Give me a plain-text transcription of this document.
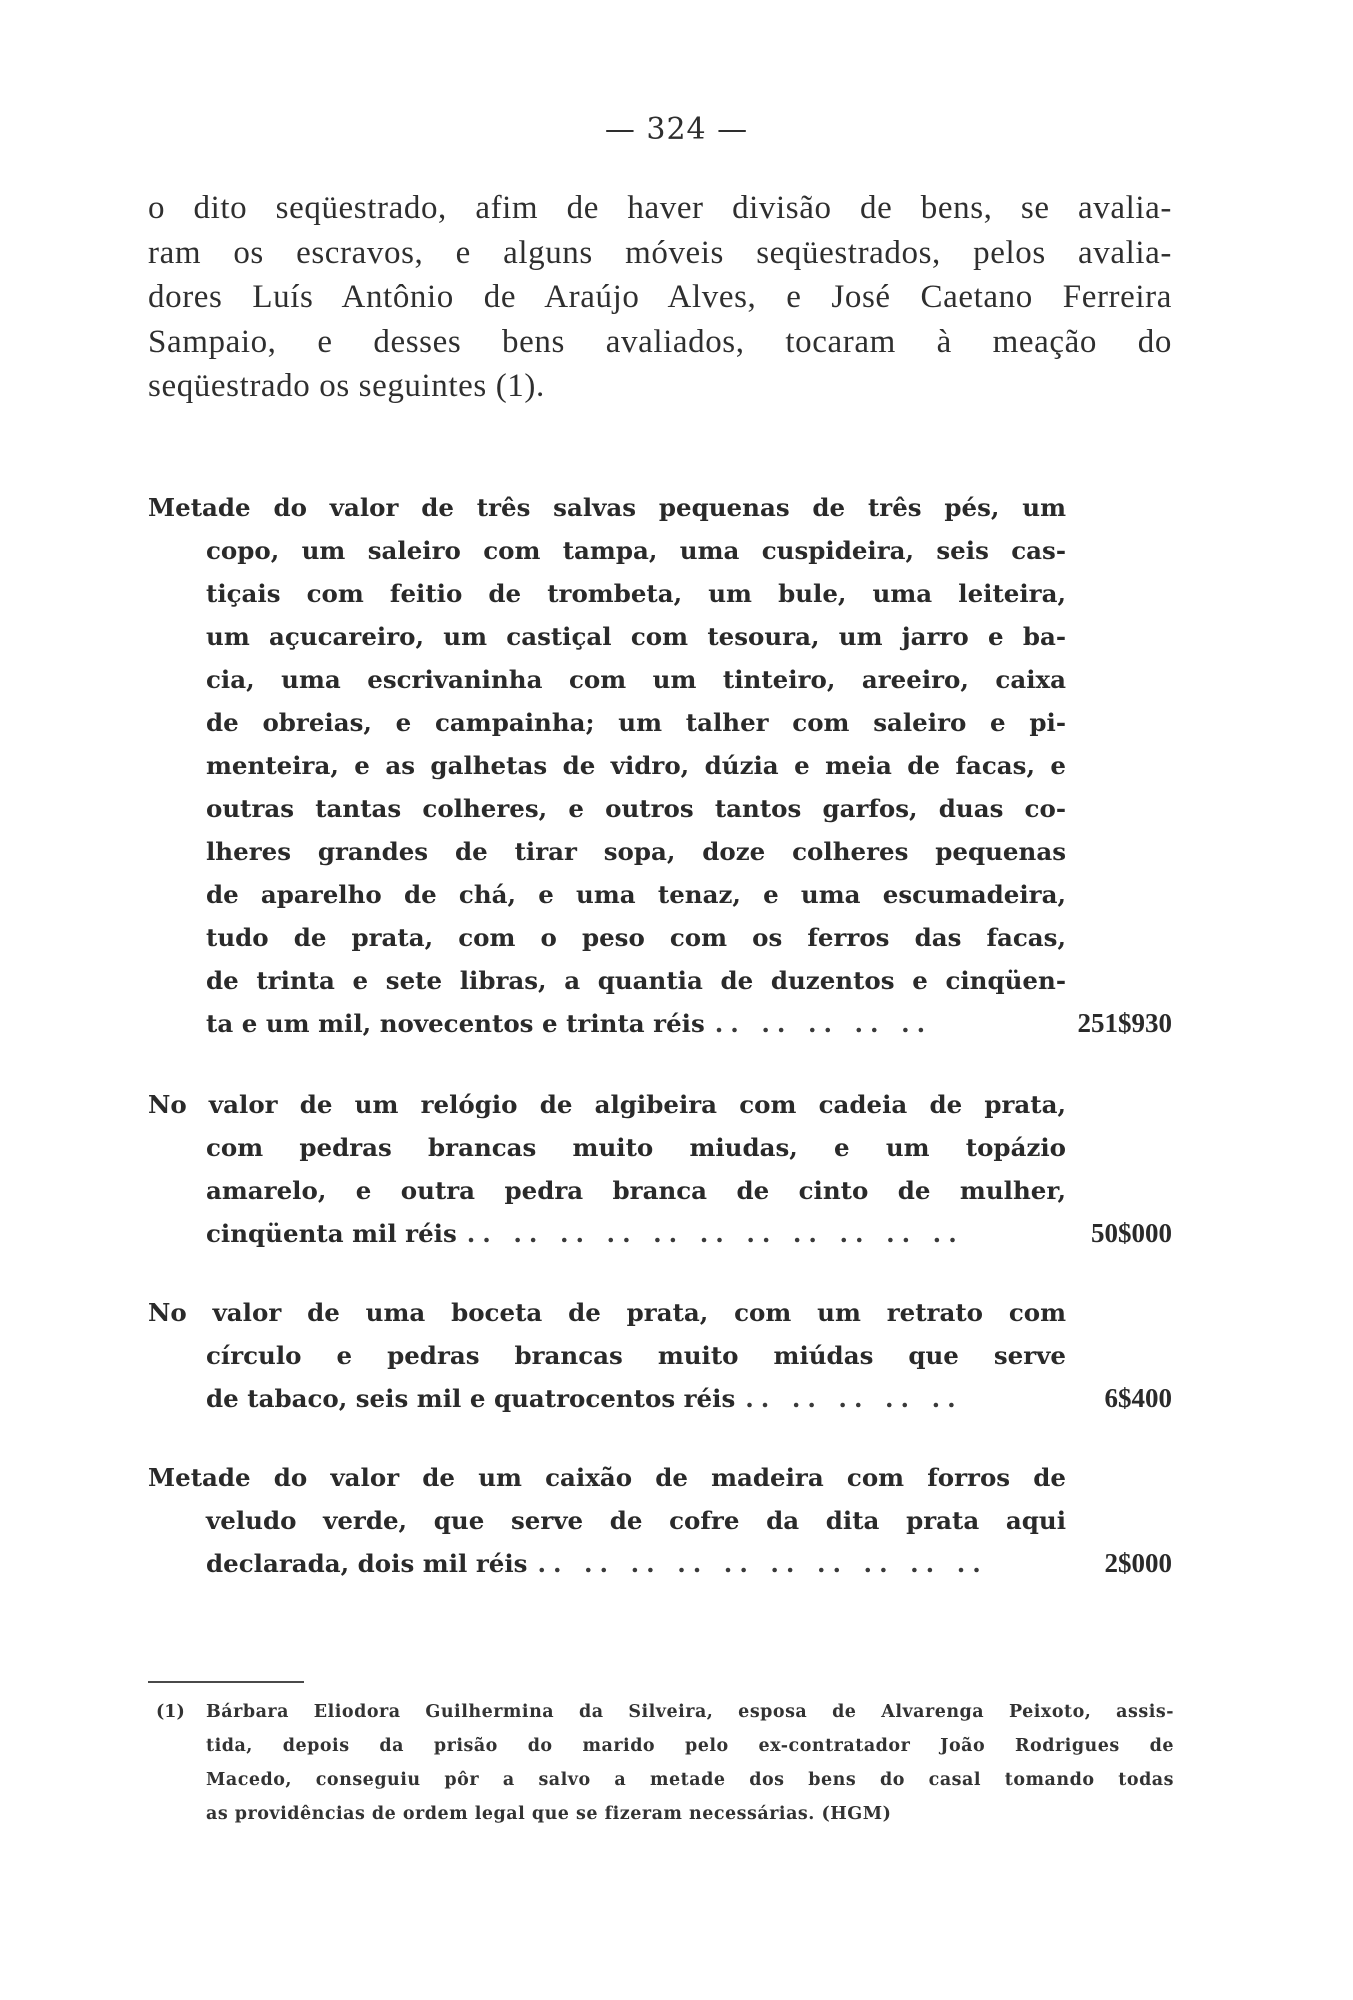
— 324 —
o dito seqüestrado, afim de haver divisão de bens, se avalia-
ram os escravos, e alguns móveis seqüestrados, pelos avalia-
dores Luís Antônio de Araújo Alves, e José Caetano Ferreira
Sampaio, e desses bens avaliados, tocaram à meação do
seqüestrado os seguintes (1).
Metade do valor de três salvas pequenas de três pés, um
copo, um saleiro com tampa, uma cuspideira, seis cas-
tiçais com feitio de trombeta, um bule, uma leiteira,
um açucareiro, um castiçal com tesoura, um jarro e ba-
cia, uma escrivaninha com um tinteiro, areeiro, caixa
de obreias, e campainha; um talher com saleiro e pi-
menteira, e as galhetas de vidro, dúzia e meia de facas, e
outras tantas colheres, e outros tantos garfos, duas co-
lheres grandes de tirar sopa, doze colheres pequenas
de aparelho de chá, e uma tenaz, e uma escumadeira,
tudo de prata, com o peso com os ferros das facas,
de trinta e sete libras, a quantia de duzentos e cinqüen-
ta e um mil, novecentos e trinta réis .. .. .. .. ..	251$930
No valor de um relógio de algibeira com cadeia de prata,
com pedras brancas muito miudas, e um topázio
amarelo, e outra pedra branca de cinto de mulher,
cinqüenta mil réis .. .. .. .. .. .. .. .. .. .. ..	50$000
No valor de uma boceta de prata, com um retrato com
círculo e pedras brancas muito miúdas que serve
de tabaco, seis mil e quatrocentos réis .. .. .. .. ..	6$400
Metade do valor de um caixão de madeira com forros de
veludo verde, que serve de cofre da dita prata aqui
declarada, dois mil réis .. .. .. .. .. .. .. .. .. ..	2$000
(1) Bárbara Eliodora Guilhermina da Silveira, esposa de Alvarenga Peixoto, assis-
tida, depois da prisão do marido pelo ex-contratador João Rodrigues de
Macedo, conseguiu pôr a salvo a metade dos bens do casal tomando todas
as providências de ordem legal que se fizeram necessárias. (HGM)
